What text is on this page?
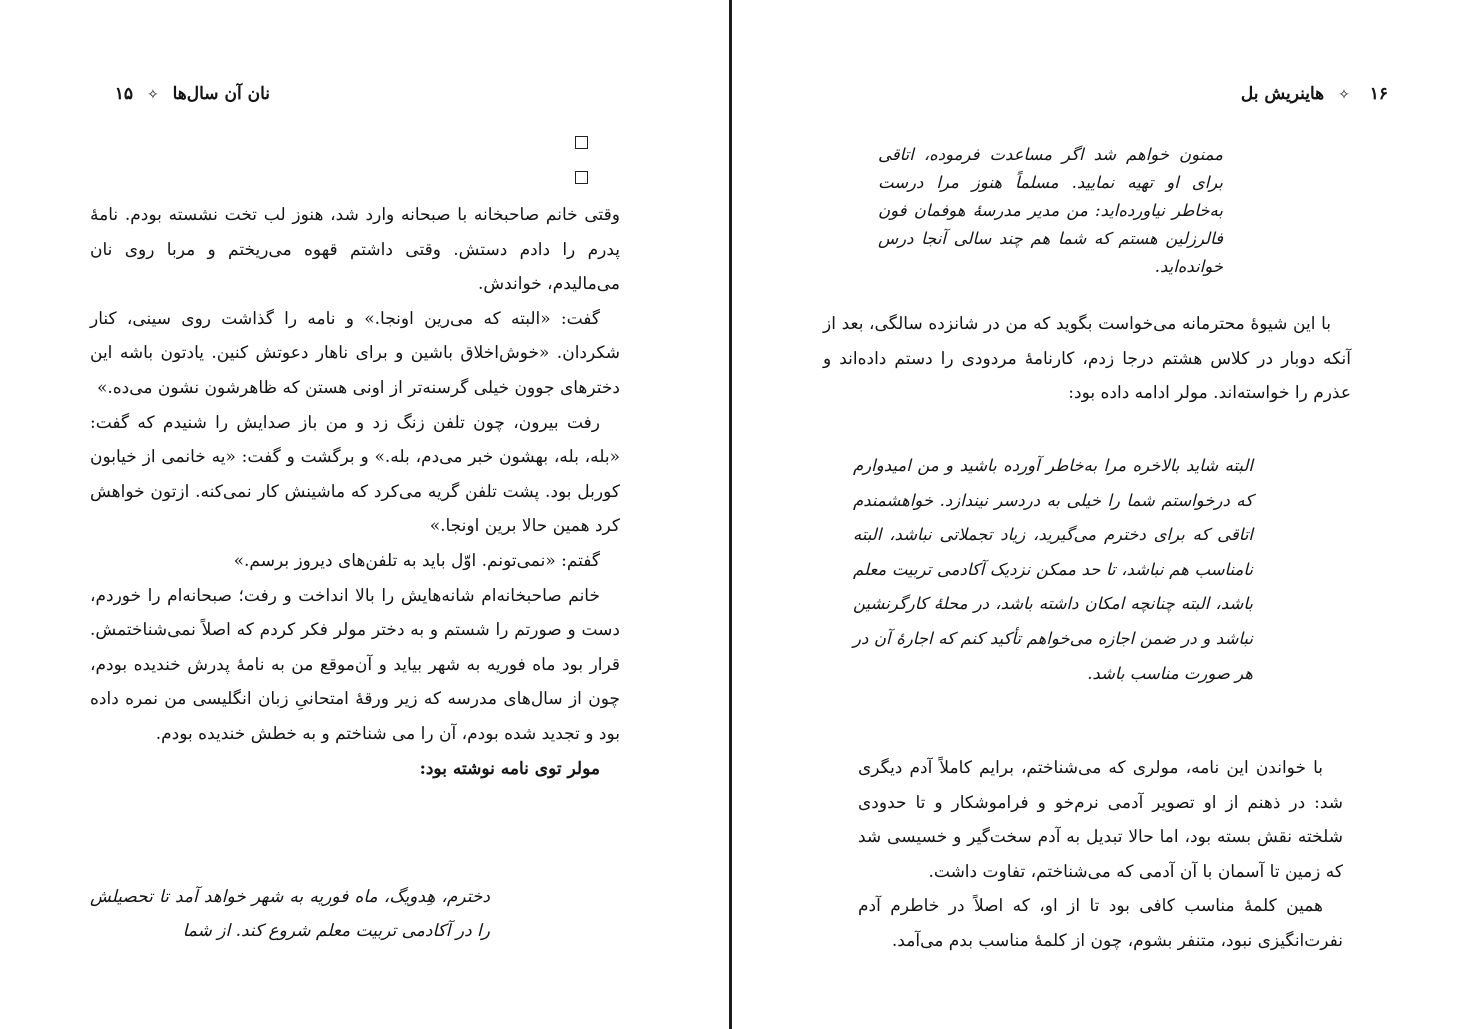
نان آن سال‌ها ✧ ۱۵

وقتی خانم صاحبخانه با صبحانه وارد شد، هنوز لب تخت نشسته بودم. نامهٔ پدرم را دادم دستش. وقتی داشتم قهوه می‌ریختم و مربا روی نان می‌مالیدم، خواندش.

گفت: «البته که می‌رین اونجا.» و نامه را گذاشت روی سینی، کنار شکردان. «خوش‌اخلاق باشین و برای ناهار دعوتش کنین. یادتون باشه این دخترهای جوون خیلی گرسنه‌تر از اونی هستن که ظاهرشون نشون می‌ده.»

رفت بیرون، چون تلفن زنگ زد و من باز صدایش را شنیدم که گفت: «بله، بله، بهشون خبر می‌دم، بله.» و برگشت و گفت: «یه خانمی از خیابون کوربل بود. پشت تلفن گریه می‌کرد که ماشینش کار نمی‌کنه. ازتون خواهش کرد همین حالا برین اونجا.»

گفتم: «نمی‌تونم. اوّل باید به تلفن‌های دیروز برسم.»

خانم صاحبخانه‌ام شانه‌هایش را بالا انداخت و رفت؛ صبحانه‌ام را خوردم، دست و صورتم را شستم و به دختر مولر فکر کردم که اصلاً نمی‌شناختمش. قرار بود ماه فوریه به شهر بیاید و آن‌موقع من به نامهٔ پدرش خندیده بودم، چون از سال‌های مدرسه که زیر ورقهٔ امتحانیِ زبان انگلیسی من نمره داده بود و تجدید شده بودم، آن را می شناختم و به خطش خندیده بودم.

مولر توی نامه نوشته بود:

دخترم، هِدویگ، ماه فوریه به شهر خواهد آمد تا تحصیلش را در آکادمی تربیت معلم شروع کند. از شما

۱۶ ✧ هاینریش بل

ممنون خواهم شد اگر مساعدت فرموده، اتاقی برای او تهیه نمایید. مسلماً هنوز مرا درست به‌خاطر نیاورده‌اید: من مدیر مدرسهٔ هوفمان فون فالرزلین هستم که شما هم چند سالی آنجا درس خوانده‌اید.

با این شیوهٔ محترمانه می‌خواست بگوید که من در شانزده سالگی، بعد از آنکه دوبار در کلاس هشتم درجا زدم، کارنامهٔ مردودی را دستم داده‌اند و عذرم را خواسته‌اند. مولر ادامه داده بود:

البته شاید بالاخره مرا به‌خاطر آورده باشید و من امیدوارم که درخواستم شما را خیلی به دردسر نیندازد. خواهشمندم اتاقی که برای دخترم می‌گیرید، زیاد تجملاتی نباشد، البته نامناسب هم نباشد، تا حد ممکن نزدیک آکادمی تربیت معلم باشد، البته چنانچه امکان داشته باشد، در محلهٔ کارگرنشین نباشد و در ضمن اجازه می‌خواهم تأکید کنم که اجارهٔ آن در هر صورت مناسب باشد.

با خواندن این نامه، مولری که می‌شناختم، برایم کاملاً آدم دیگری شد: در ذهنم از او تصویر آدمی نرم‌خو و فراموشکار و تا حدودی شلخته نقش بسته بود، اما حالا تبدیل به آدم سخت‌گیر و خسیسی شد که زمین تا آسمان با آن آدمی که می‌شناختم، تفاوت داشت.

همین کلمهٔ مناسب کافی بود تا از او، که اصلاً در خاطرم آدم نفرت‌انگیزی نبود، متنفر بشوم، چون از کلمهٔ مناسب بدم می‌آمد.
